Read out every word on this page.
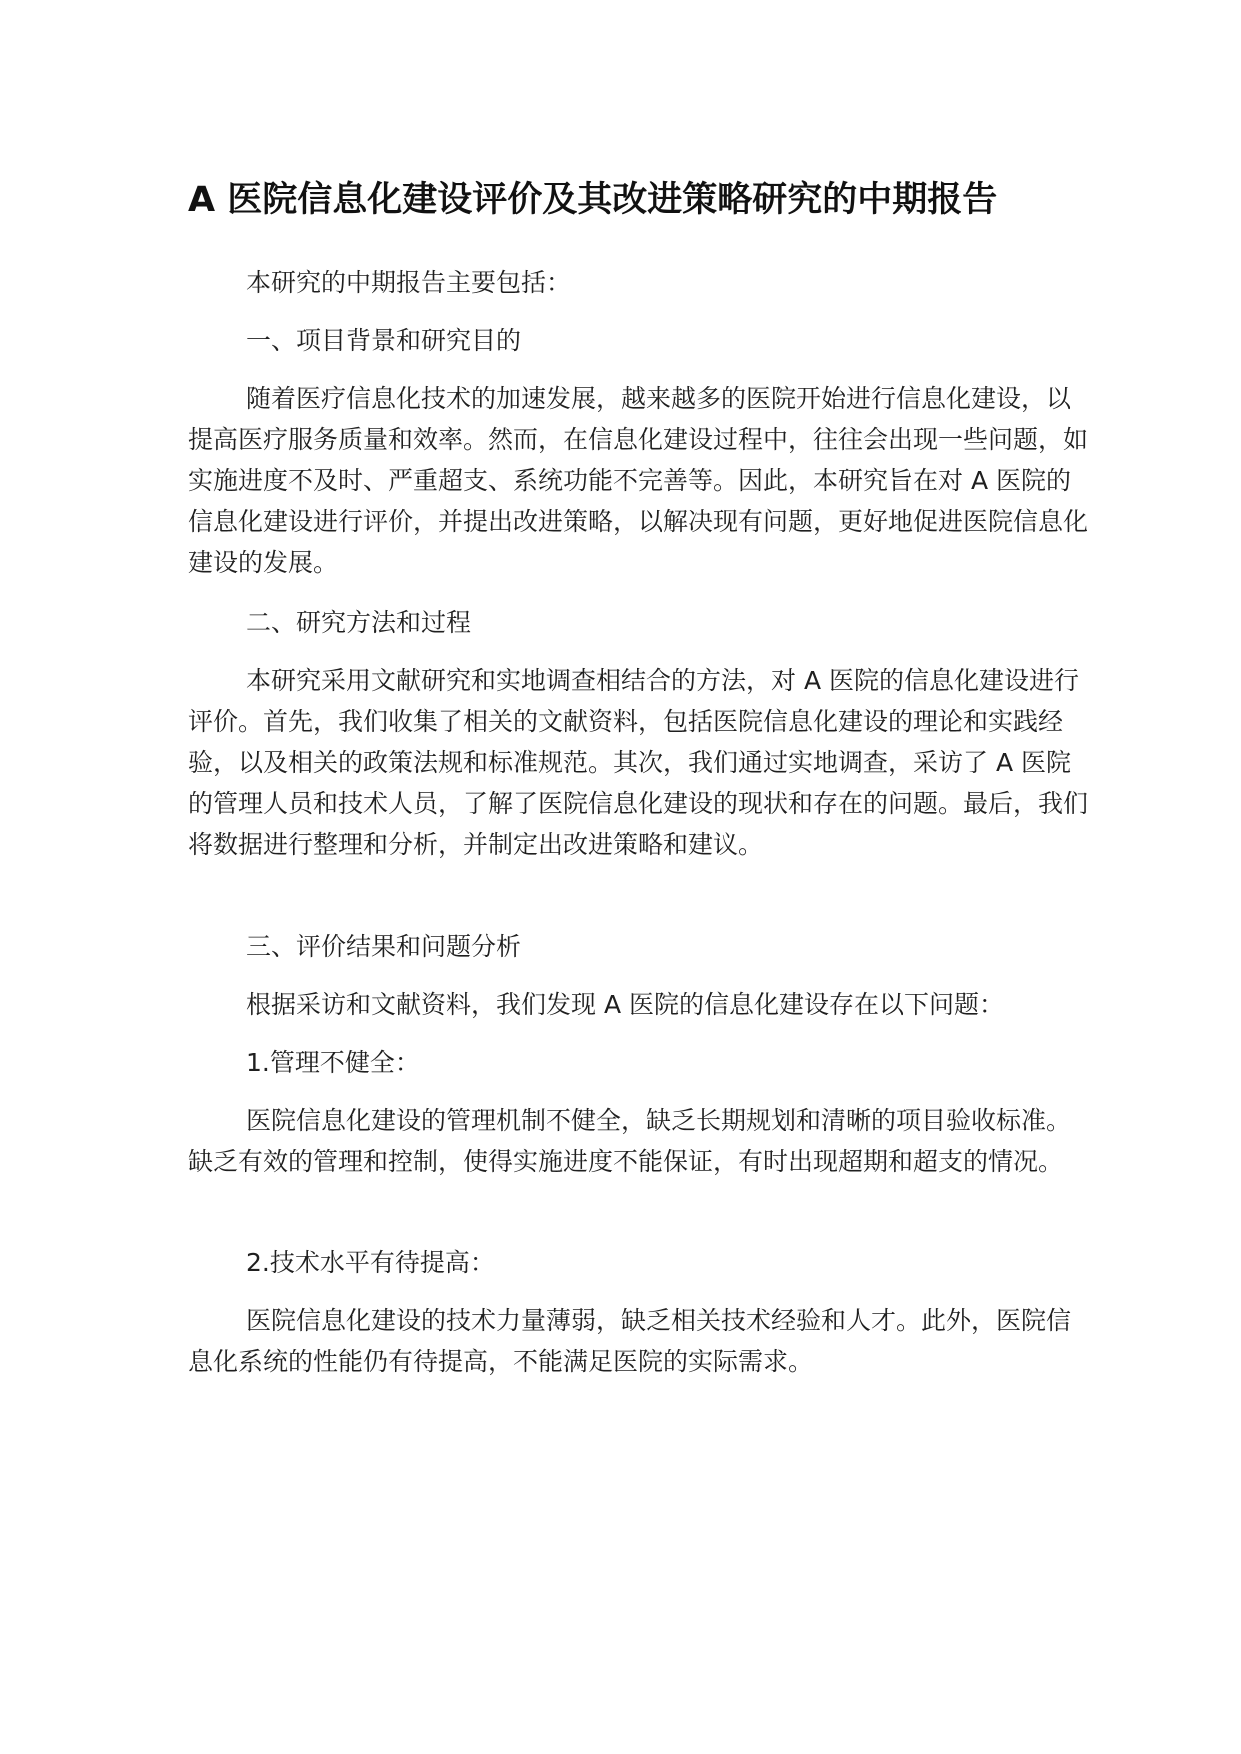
A 医院信息化建设评价及其改进策略研究的中期报告

本研究的中期报告主要包括：

一、项目背景和研究目的

随着医疗信息化技术的加速发展，越来越多的医院开始进行信息化建设，以提高医疗服务质量和效率。然而，在信息化建设过程中，往往会出现一些问题，如实施进度不及时、严重超支、系统功能不完善等。因此，本研究旨在对 A 医院的信息化建设进行评价，并提出改进策略，以解决现有问题，更好地促进医院信息化建设的发展。

二、研究方法和过程

本研究采用文献研究和实地调查相结合的方法，对 A 医院的信息化建设进行评价。首先，我们收集了相关的文献资料，包括医院信息化建设的理论和实践经验，以及相关的政策法规和标准规范。其次，我们通过实地调查，采访了 A 医院的管理人员和技术人员，了解了医院信息化建设的现状和存在的问题。最后，我们将数据进行整理和分析，并制定出改进策略和建议。

三、评价结果和问题分析

根据采访和文献资料，我们发现 A 医院的信息化建设存在以下问题：

1.管理不健全：

医院信息化建设的管理机制不健全，缺乏长期规划和清晰的项目验收标准。缺乏有效的管理和控制，使得实施进度不能保证，有时出现超期和超支的情况。

2.技术水平有待提高：

医院信息化建设的技术力量薄弱，缺乏相关技术经验和人才。此外，医院信息化系统的性能仍有待提高，不能满足医院的实际需求。
